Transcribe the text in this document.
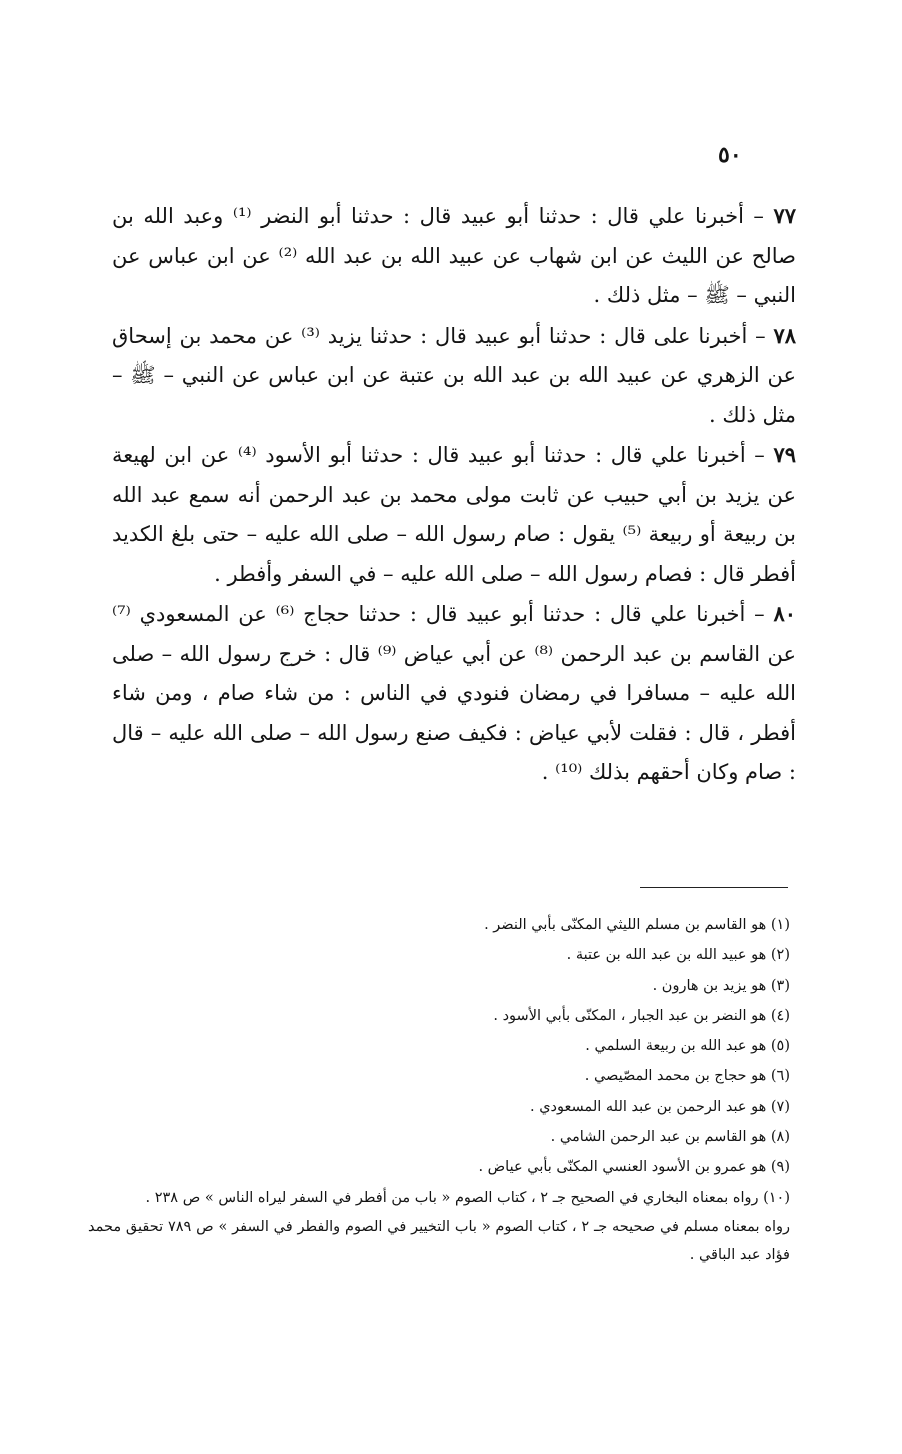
٥٠

٧٧ – أخبرنا علي قال : حدثنا أبو عبيد قال : حدثنا أبو النضر ⁽¹⁾ وعبد الله بن صالح عن الليث عن ابن شهاب عن عبيد الله بن عبد الله ⁽²⁾ عن ابن عباس عن النبي – ﷺ – مثل ذلك .

٧٨ – أخبرنا على قال : حدثنا أبو عبيد قال : حدثنا يزيد ⁽³⁾ عن محمد بن إسحاق عن الزهري عن عبيد الله بن عبد الله بن عتبة عن ابن عباس عن النبي – ﷺ – مثل ذلك .

٧٩ – أخبرنا علي قال : حدثنا أبو عبيد قال : حدثنا أبو الأسود ⁽⁴⁾ عن ابن لهيعة عن يزيد بن أبي حبيب عن ثابت مولى محمد بن عبد الرحمن أنه سمع عبد الله بن ربيعة أو ربيعة ⁽⁵⁾ يقول : صام رسول الله – صلى الله عليه – حتى بلغ الكديد أفطر قال : فصام رسول الله – صلى الله عليه – في السفر وأفطر .

٨٠ – أخبرنا علي قال : حدثنا أبو عبيد قال : حدثنا حجاج ⁽⁶⁾ عن المسعودي ⁽⁷⁾ عن القاسم بن عبد الرحمن ⁽⁸⁾ عن أبي عياض ⁽⁹⁾ قال : خرج رسول الله – صلى الله عليه – مسافرا في رمضان فنودي في الناس : من شاء صام ، ومن شاء أفطر ، قال : فقلت لأبي عياض : فكيف صنع رسول الله – صلى الله عليه – قال : صام وكان أحقهم بذلك ⁽¹⁰⁾ .

(١) هو القاسم بن مسلم الليثي المكنّى بأبي النضر .

(٢) هو عبيد الله بن عبد الله بن عتبة .

(٣) هو يزيد بن هارون .

(٤) هو النضر بن عبد الجبار ، المكنّى بأبي الأسود .

(٥) هو عبد الله بن ربيعة السلمي .

(٦) هو حجاج بن محمد المصّيصي .

(٧) هو عبد الرحمن بن عبد الله المسعودي .

(٨) هو القاسم بن عبد الرحمن الشامي .

(٩) هو عمرو بن الأسود العنسي المكنّى بأبي عياض .

(١٠) رواه بمعناه البخاري في الصحيح جـ ٢ ، كتاب الصوم « باب من أفطر في السفر ليراه الناس » ص ٢٣٨ .

رواه بمعناه مسلم في صحيحه جـ ٢ ، كتاب الصوم « باب التخيير في الصوم والفطر في السفر » ص ٧٨٩ تحقيق محمد فؤاد عبد الباقي .
